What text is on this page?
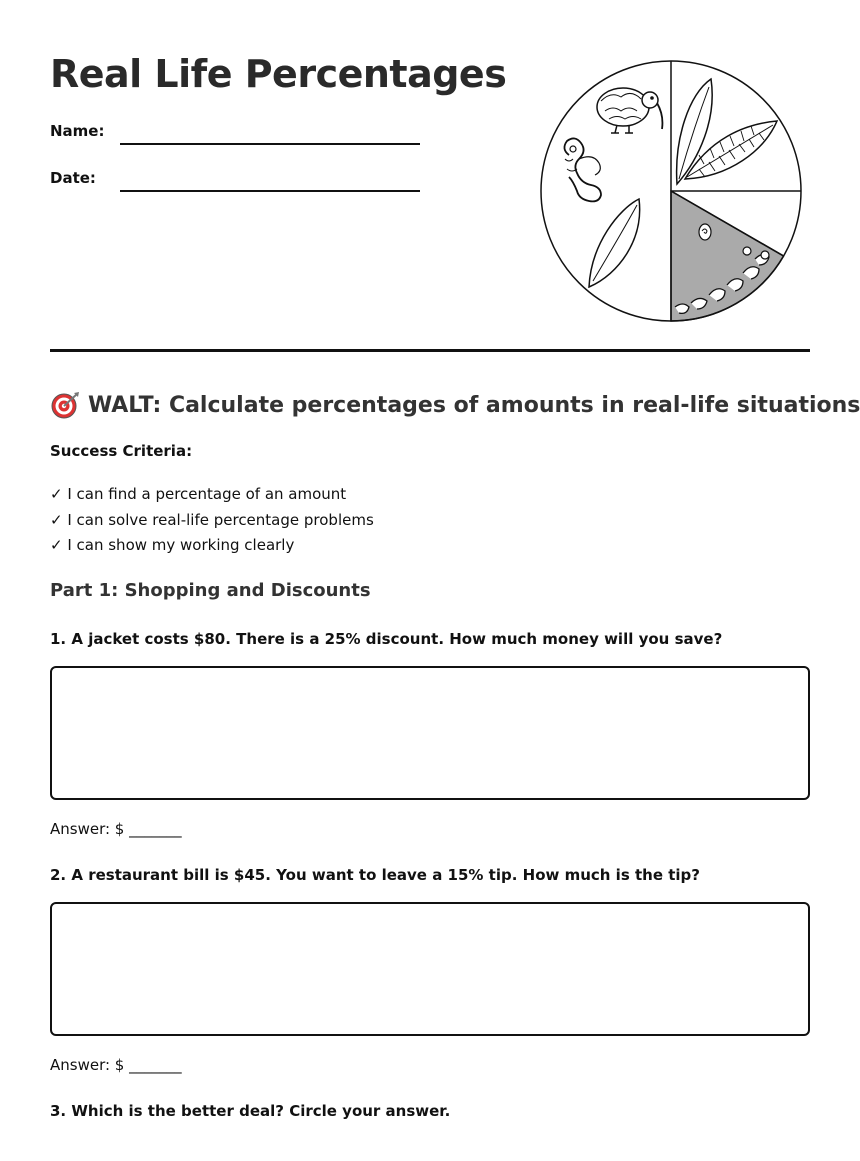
Real Life Percentages
Name:
Date:
WALT: Calculate percentages of amounts in real-life situations
Success Criteria:
✓ I can find a percentage of an amount
✓ I can solve real-life percentage problems
✓ I can show my working clearly
Part 1: Shopping and Discounts
1. A jacket costs $80. There is a 25% discount. How much money will you save?
Answer: $ _______
2. A restaurant bill is $45. You want to leave a 15% tip. How much is the tip?
Answer: $ _______
3. Which is the better deal? Circle your answer.
